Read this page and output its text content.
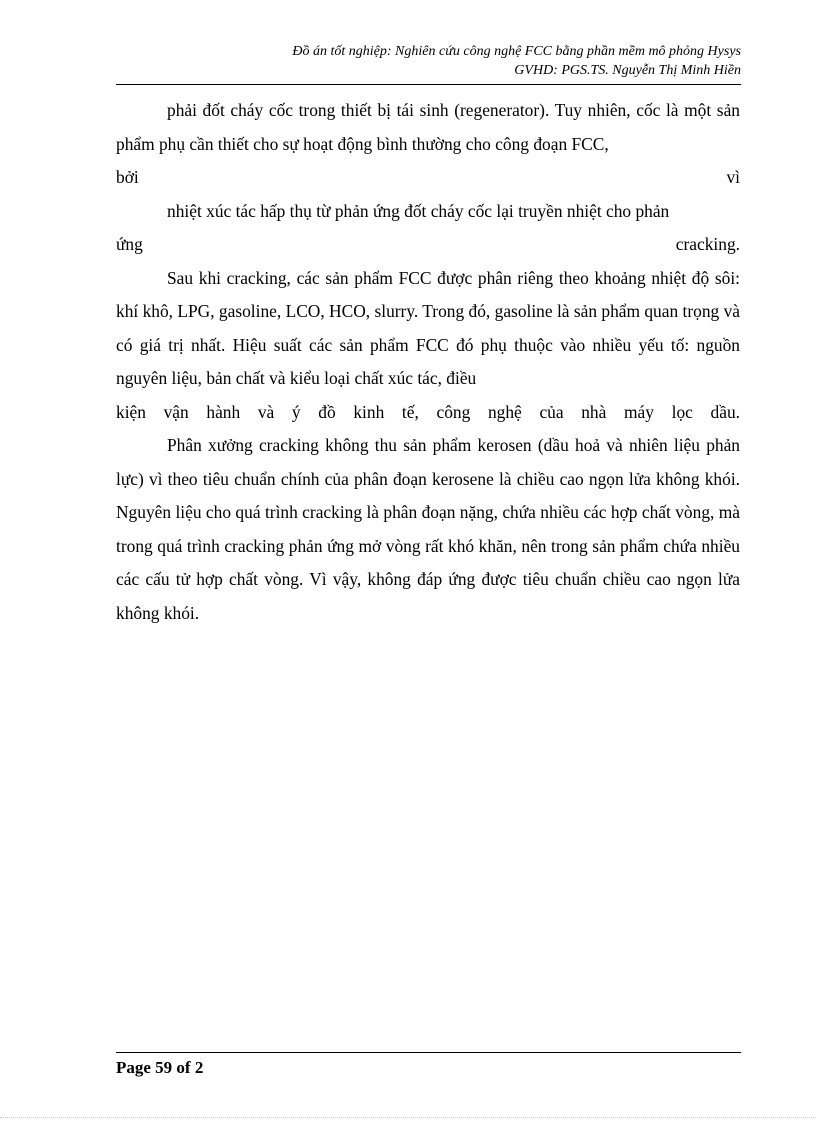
Đồ án tốt nghiệp: Nghiên cứu công nghệ FCC bằng phần mềm mô phỏng Hysys
GVHD: PGS.TS. Nguyễn Thị Minh Hiền

phải đốt cháy cốc trong thiết bị tái sinh (regenerator). Tuy nhiên, cốc là một sản phẩm phụ cần thiết cho sự hoạt động bình thường cho công đoạn FCC,

bởi	vì
nhiệt xúc tác hấp thụ từ phản ứng đốt cháy cốc lại truyền nhiệt cho phản
ứng	cracking.

Sau khi cracking, các sản phẩm FCC được phân riêng theo khoảng nhiệt độ sôi: khí khô, LPG, gasoline, LCO, HCO, slurry. Trong đó, gasoline là sản phẩm quan trọng và có giá trị nhất. Hiệu suất các sản phẩm FCC đó phụ thuộc vào nhiều yếu tố: nguồn nguyên liệu, bản chất và kiểu loại chất xúc tác, điều

kiện vận hành và ý đồ kinh tế, công nghệ của nhà máy lọc dầu.

Phân xưởng cracking không thu sản phẩm kerosen (dầu hoả và nhiên liệu phản lực) vì theo tiêu chuẩn chính của phân đoạn kerosene là chiều cao ngọn lửa không khói. Nguyên liệu cho quá trình cracking là phân đoạn nặng, chứa nhiều các hợp chất vòng, mà trong quá trình cracking phản ứng mở vòng rất khó khăn, nên trong sản phẩm chứa nhiều các cấu tử hợp chất vòng. Vì vậy, không đáp ứng được tiêu chuẩn chiều cao ngọn lửa không khói.

Page 59 of 2
